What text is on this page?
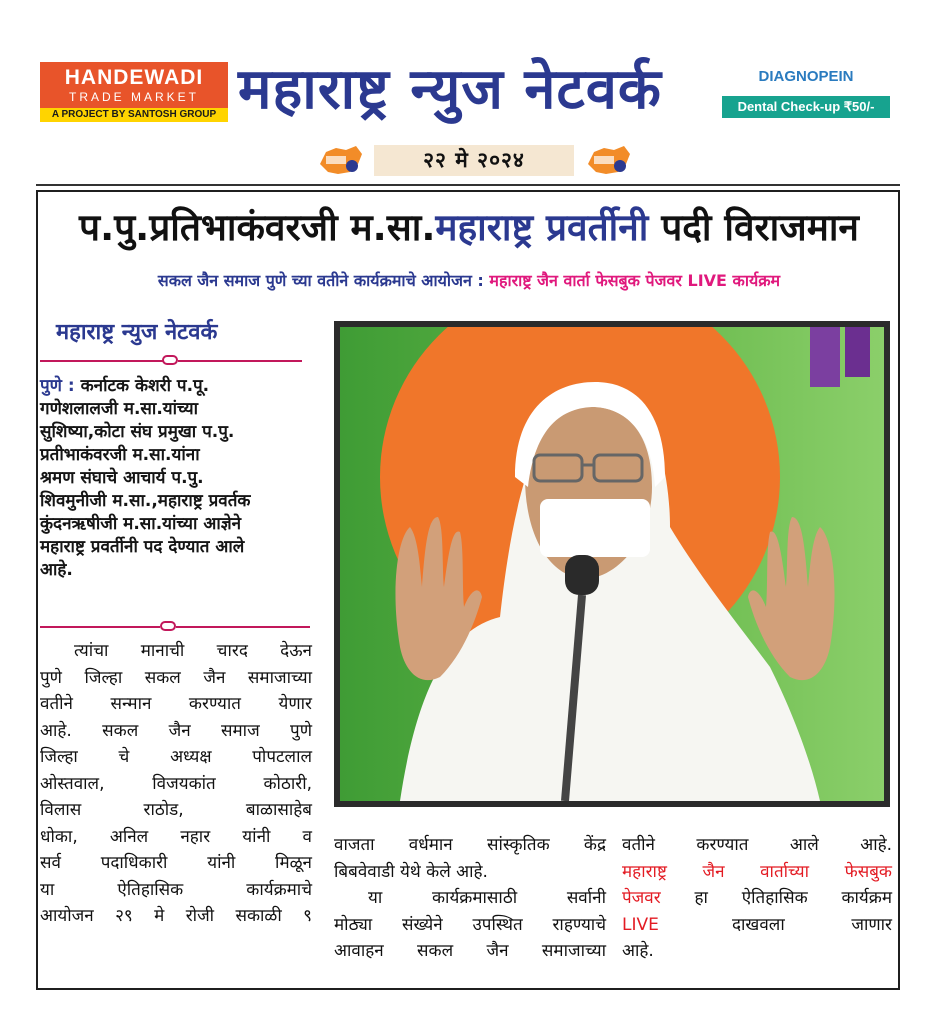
HANDEWADI
TRADE MARKET
A PROJECT BY SANTOSH GROUP महाराष्ट्र न्युज नेटवर्क	DIAGNOPEIN
Dental Check-up ₹50/-
२२ मे २०२४
प.पु.प्रतिभाकंवरजी म.सा.महाराष्ट्र प्रवर्तीनी पदी विराजमान
सकल जैन समाज पुणे च्या वतीने कार्यक्रमाचे आयोजन : महाराष्ट्र जैन वार्ता फेसबुक पेजवर LIVE कार्यक्रम
महाराष्ट्र न्युज नेटवर्क
पुणे : कर्नाटक केशरी प.पू.
गणेशलालजी म.सा.यांच्या
सुशिष्या,कोटा संघ प्रमुखा प.पु.
प्रतीभाकंवरजी म.सा.यांना
श्रमण संघाचे आचार्य प.पु.
शिवमुनीजी म.सा.,महाराष्ट्र प्रवर्तक
कुंदनऋषीजी म.सा.यांच्या आज्ञेने
महाराष्ट्र प्रवर्तीनी पद देण्यात आले
आहे.
त्यांचा मानाची चारद देऊन
पुणे जिल्हा सकल जैन समाजाच्या
वतीने सन्मान करण्यात येणार
आहे. सकल जैन समाज पुणे
जिल्हा चे अध्यक्ष पोपटलाल
ओस्तवाल, विजयकांत कोठारी,
विलास राठोड, बाळासाहेब
धोका, अनिल नहार यांनी व
सर्व पदाधिकारी यांनी मिळून
या ऐतिहासिक कार्यक्रमाचे
आयोजन २९ मे रोजी सकाळी ९
वाजता वर्धमान सांस्कृतिक केंद्र
बिबवेवाडी येथे केले आहे.
या कार्यक्रमासाठी सर्वानी
मोठ्या संख्येने उपस्थित राहण्याचे
आवाहन सकल जैन समाजाच्या
वतीने करण्यात आले आहे.
महाराष्ट्र जैन वार्ताच्या फेसबुक
पेजवर हा ऐतिहासिक कार्यक्रम
LIVE	दाखवला जाणार
आहे.
